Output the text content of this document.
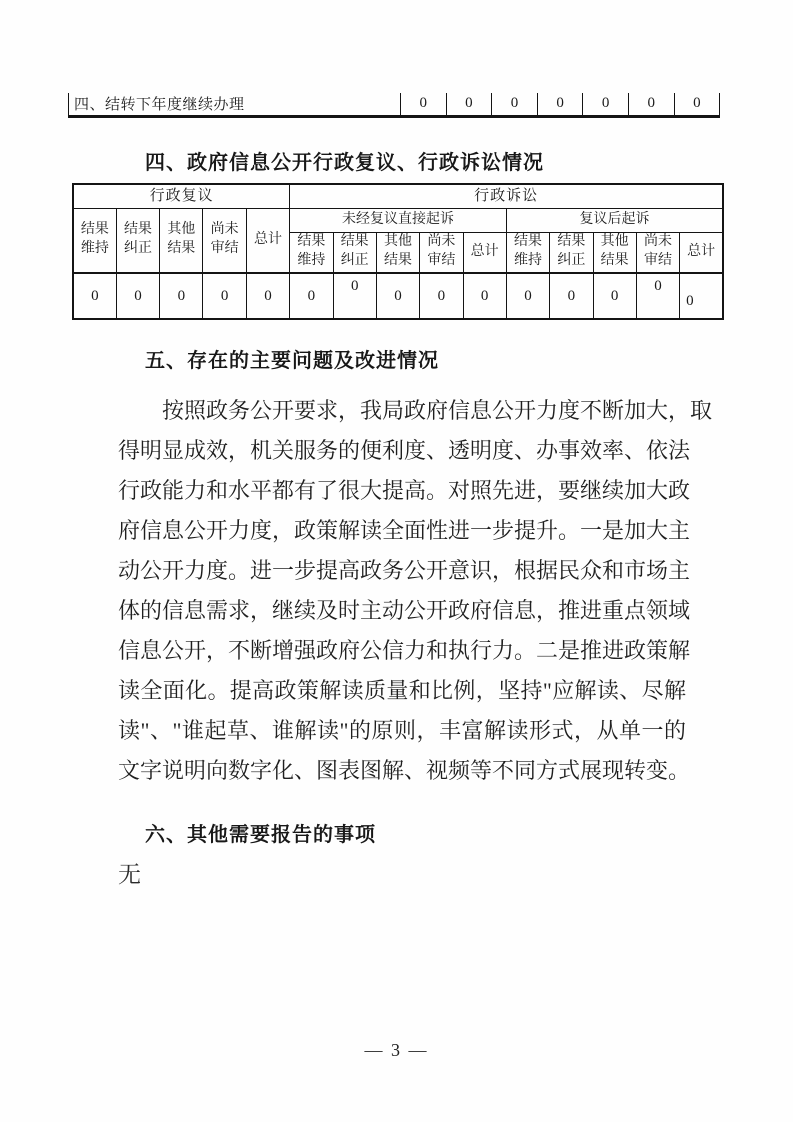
四、结转下年度继续办理	0	0	0	0	0	0	0
四、政府信息公开行政复议、行政诉讼情况
行政复议					行政诉讼									
结果维持	结果纠正	其他结果	尚未审结	总计	未经复议直接起诉					复议后起诉				
					结果维持	结果纠正	其他结果	尚未审结	总计	结果维持	结果纠正	其他结果	尚未审结	总计
0	0	0	0	0	0	0	0	0	0	0	0	0	0	0
五、存在的主要问题及改进情况
按照政务公开要求，我局政府信息公开力度不断加大，取
得明显成效，机关服务的便利度、透明度、办事效率、依法
行政能力和水平都有了很大提高。对照先进，要继续加大政
府信息公开力度，政策解读全面性进一步提升。一是加大主
动公开力度。进一步提高政务公开意识，根据民众和市场主
体的信息需求，继续及时主动公开政府信息，推进重点领域
信息公开，不断增强政府公信力和执行力。二是推进政策解
读全面化。提高政策解读质量和比例，坚持"应解读、尽解
读"、"谁起草、谁解读"的原则，丰富解读形式，从单一的
文字说明向数字化、图表图解、视频等不同方式展现转变。
六、其他需要报告的事项
无
— 3 —
